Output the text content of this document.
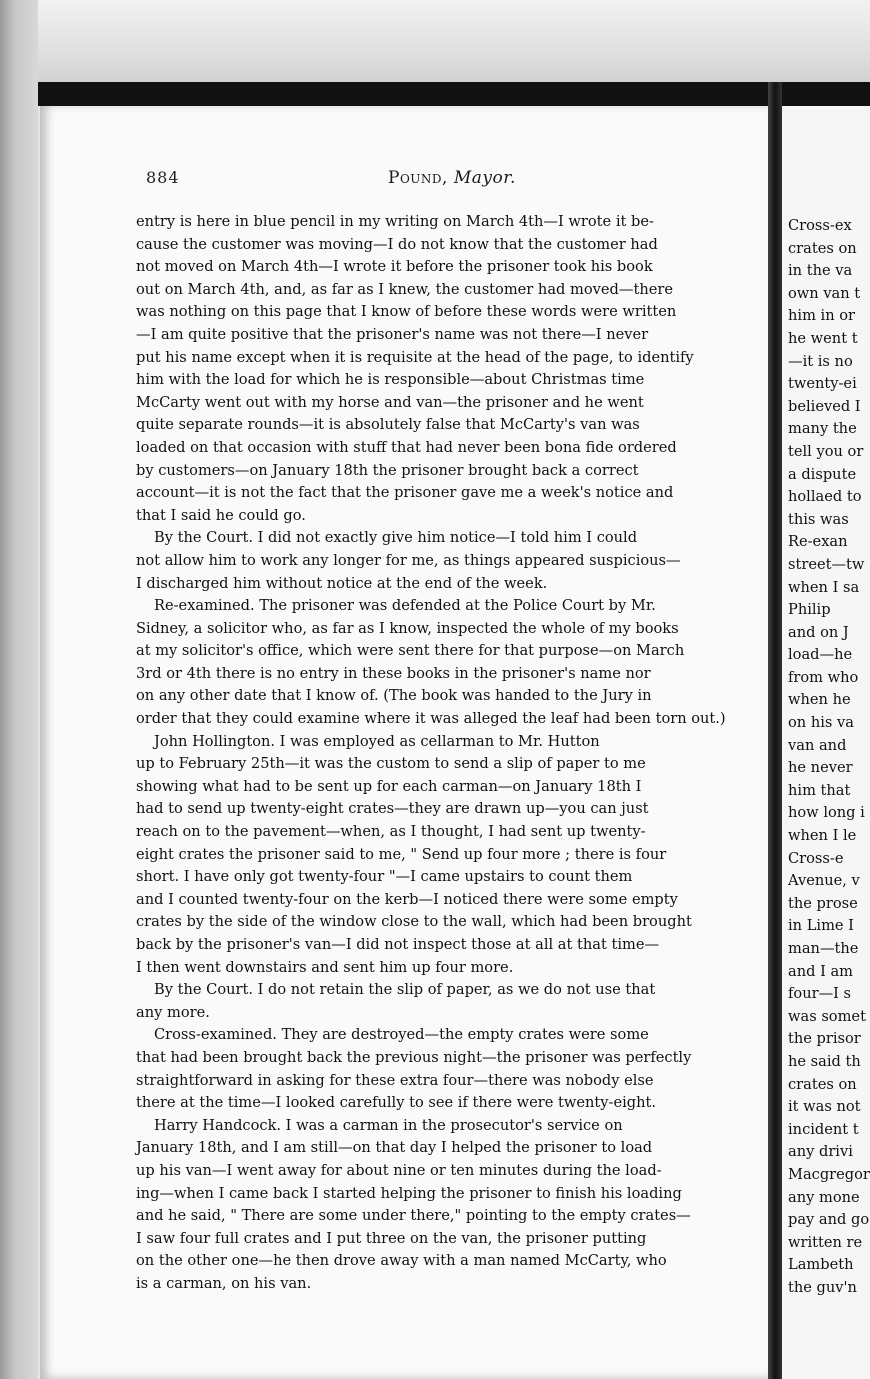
884	Pound, Mayor.
entry is here in blue pencil in my writing on March 4th—I wrote it be-
cause the customer was moving—I do not know that the customer had
not moved on March 4th—I wrote it before the prisoner took his book
out on March 4th, and, as far as I knew, the customer had moved—there
was nothing on this page that I know of before these words were written
—I am quite positive that the prisoner's name was not there—I never
put his name except when it is requisite at the head of the page, to identify
him with the load for which he is responsible—about Christmas time
McCarty went out with my horse and van—the prisoner and he went
quite separate rounds—it is absolutely false that McCarty's van was
loaded on that occasion with stuff that had never been bona fide ordered
by customers—on January 18th the prisoner brought back a correct
account—it is not the fact that the prisoner gave me a week's notice and
that I said he could go.
By the Court. I did not exactly give him notice—I told him I could
not allow him to work any longer for me, as things appeared suspicious—
I discharged him without notice at the end of the week.
Re-examined. The prisoner was defended at the Police Court by Mr.
Sidney, a solicitor who, as far as I know, inspected the whole of my books
at my solicitor's office, which were sent there for that purpose—on March
3rd or 4th there is no entry in these books in the prisoner's name nor
on any other date that I know of. (The book was handed to the Jury in
order that they could examine where it was alleged the leaf had been torn out.)
John Hollington. I was employed as cellarman to Mr. Hutton
up to February 25th—it was the custom to send a slip of paper to me
showing what had to be sent up for each carman—on January 18th I
had to send up twenty-eight crates—they are drawn up—you can just
reach on to the pavement—when, as I thought, I had sent up twenty-
eight crates the prisoner said to me, " Send up four more ; there is four
short. I have only got twenty-four "—I came upstairs to count them
and I counted twenty-four on the kerb—I noticed there were some empty
crates by the side of the window close to the wall, which had been brought
back by the prisoner's van—I did not inspect those at all at that time—
I then went downstairs and sent him up four more.
By the Court. I do not retain the slip of paper, as we do not use that
any more.
Cross-examined. They are destroyed—the empty crates were some
that had been brought back the previous night—the prisoner was perfectly
straightforward in asking for these extra four—there was nobody else
there at the time—I looked carefully to see if there were twenty-eight.
Harry Handcock. I was a carman in the prosecutor's service on
January 18th, and I am still—on that day I helped the prisoner to load
up his van—I went away for about nine or ten minutes during the load-
ing—when I came back I started helping the prisoner to finish his loading
and he said, " There are some under there," pointing to the empty crates—
I saw four full crates and I put three on the van, the prisoner putting
on the other one—he then drove away with a man named McCarty, who
is a carman, on his van.
Cross-ex
crates on
in the va
own van t
him in or
he went t
—it is no
twenty-ei
believed I
many the
tell you or
a dispute
hollaed to
this was
Re-exan
street—tw
when I sa
Philip
and on J
load—he
from who
when he
on his va
van and
he never
him that
how long i
when I le
Cross-e
Avenue, v
the prose
in Lime I
man—the
and I am
four—I s
was somet
the prisor
he said th
crates on
it was not
incident t
any drivi
Macgregor
any mone
pay and go
written re
Lambeth
the guv'n
